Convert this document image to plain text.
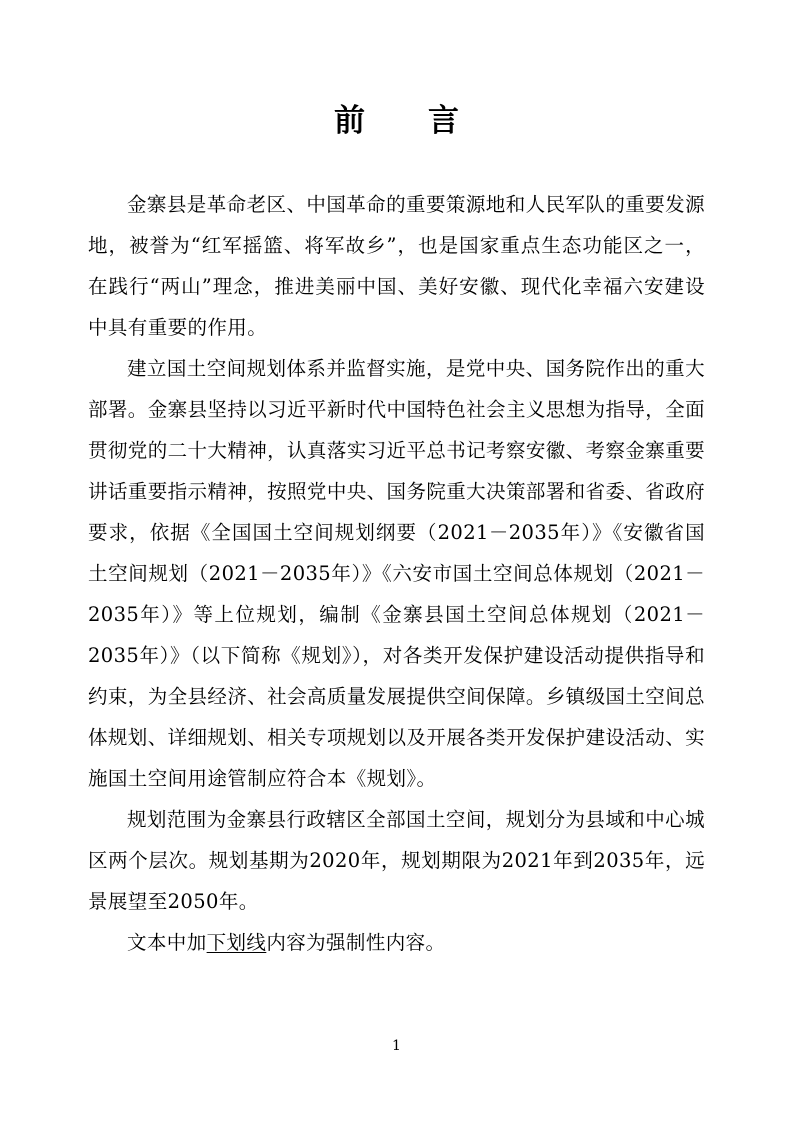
前　言

金寨县是革命老区、中国革命的重要策源地和人民军队的重要发源地，被誉为“红军摇篮、将军故乡”，也是国家重点生态功能区之一，在践行“两山”理念，推进美丽中国、美好安徽、现代化幸福六安建设中具有重要的作用。

建立国土空间规划体系并监督实施，是党中央、国务院作出的重大部署。金寨县坚持以习近平新时代中国特色社会主义思想为指导，全面贯彻党的二十大精神，认真落实习近平总书记考察安徽、考察金寨重要讲话重要指示精神，按照党中央、国务院重大决策部署和省委、省政府要求，依据《全国国土空间规划纲要（2021－2035年）》《安徽省国土空间规划（2021－2035年）》《六安市国土空间总体规划（2021－2035年）》等上位规划，编制《金寨县国土空间总体规划（2021－2035年）》（以下简称《规划》），对各类开发保护建设活动提供指导和约束，为全县经济、社会高质量发展提供空间保障。乡镇级国土空间总体规划、详细规划、相关专项规划以及开展各类开发保护建设活动、实施国土空间用途管制应符合本《规划》。

规划范围为金寨县行政辖区全部国土空间，规划分为县域和中心城区两个层次。规划基期为2020年，规划期限为2021年到2035年，远景展望至2050年。

文本中加下划线内容为强制性内容。

1
